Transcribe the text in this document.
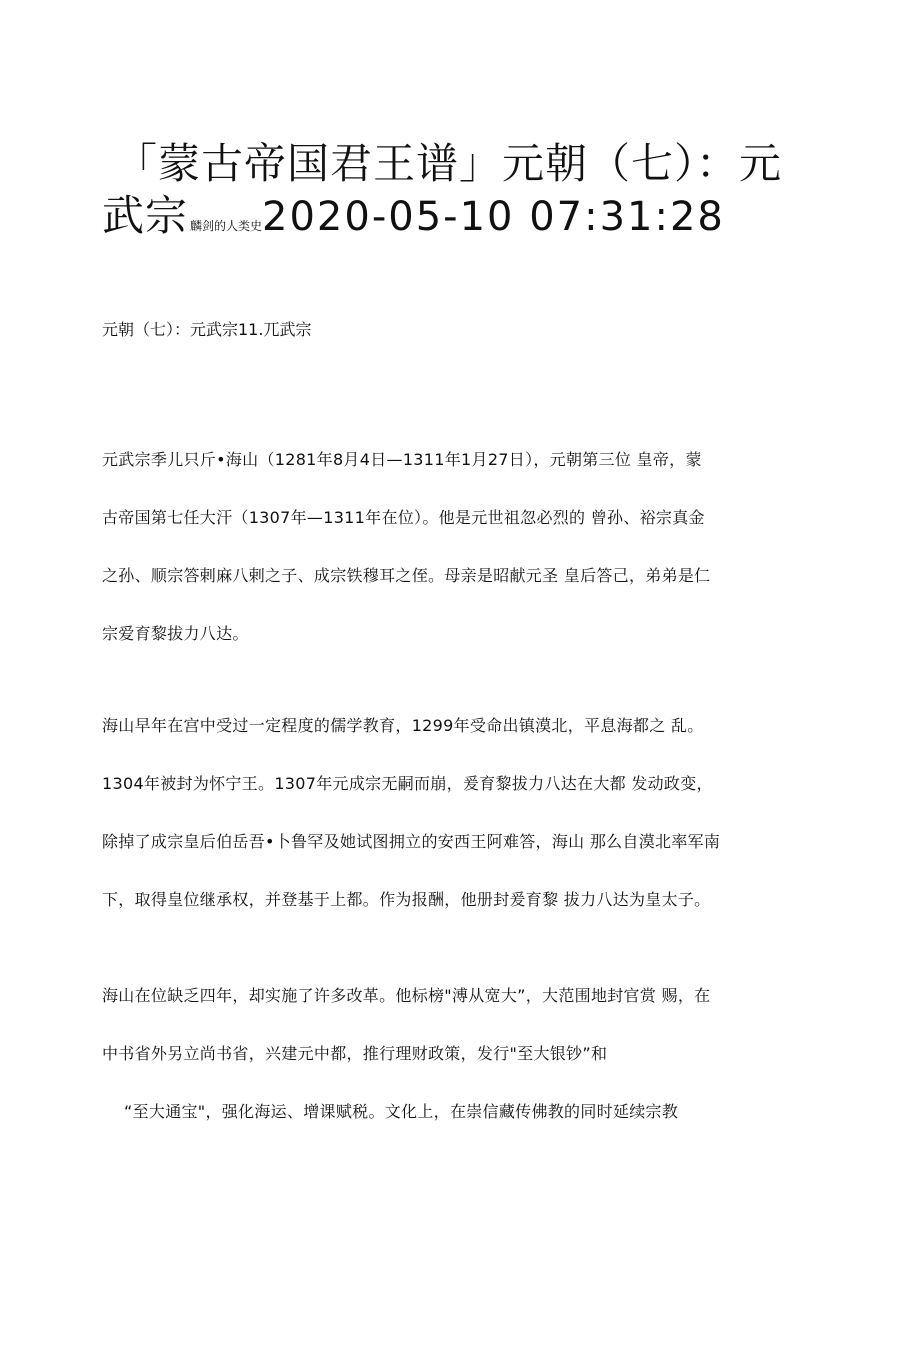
「蒙古帝国君王谱」元朝（七）：元
武宗 麟剑的人类史2020-05-10 07:31:28
元朝（七）：元武宗11.兀武宗
元武宗季儿只斤•海山（1281年8月4日—1311年1月27日），元朝第三位 皇帝，蒙
古帝国第七任大汗（1307年—1311年在位）。他是元世祖忽必烈的 曾孙、裕宗真金
之孙、顺宗答剌麻八剌之子、成宗铁穆耳之侄。母亲是昭献元圣 皇后答己，弟弟是仁
宗爱育黎拔力八达。
海山早年在宫中受过一定程度的儒学教育，1299年受命出镇漠北，平息海都之 乱。
1304年被封为怀宁王。1307年元成宗无嗣而崩，爰育黎拔力八达在大都 发动政变，
除掉了成宗皇后伯岳吾•卜鲁罕及她试图拥立的安西王阿难答，海山 那么自漠北率军南
下，取得皇位继承权，并登基于上都。作为报酬，他册封爰育黎 拔力八达为皇太子。
海山在位缺乏四年，却实施了许多改革。他标榜"溥从宽大”，大范围地封官赏 赐，在
中书省外另立尚书省，兴建元中都，推行理财政策，发行"至大银钞”和
“至大通宝"，强化海运、增课赋税。文化上，在崇信藏传佛教的同时延续宗教
